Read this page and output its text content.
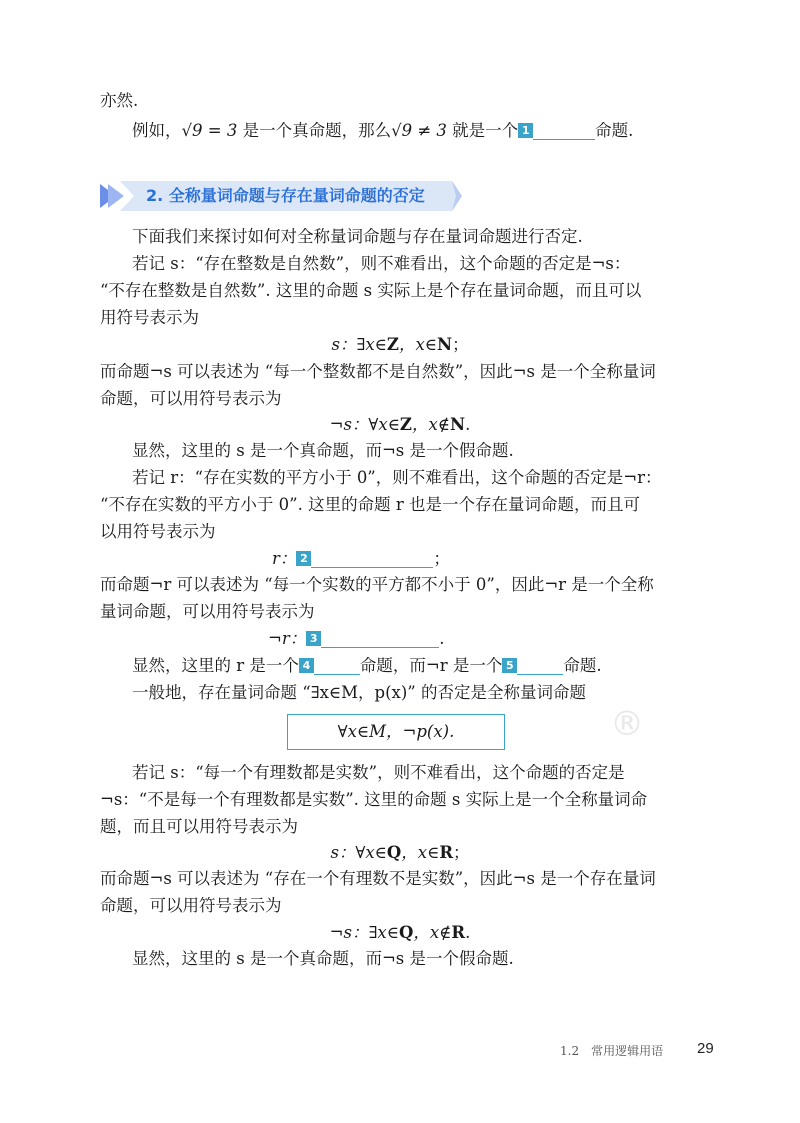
亦然.
例如，√9 = 3 是一个真命题，那么√9 ≠ 3 就是一个 1	命题.
2. 全称量词命题与存在量词命题的否定
下面我们来探讨如何对全称量词命题与存在量词命题进行否定.
若记 s：“存在整数是自然数”，则不难看出，这个命题的否定是¬s：
“不存在整数是自然数”. 这里的命题 s 实际上是个存在量词命题，而且可以
用符号表示为
s：∃x∈Z，x∈N；
而命题¬s 可以表述为 “每一个整数都不是自然数”，因此¬s 是一个全称量词
命题，可以用符号表示为
¬s：∀x∈Z，x∉N.
显然，这里的 s 是一个真命题，而¬s 是一个假命题.
若记 r：“存在实数的平方小于 0”，则不难看出，这个命题的否定是¬r：
“不存在实数的平方小于 0”. 这里的命题 r 也是一个存在量词命题，而且可
以用符号表示为
r： 2	；
而命题¬r 可以表述为 “每一个实数的平方都不小于 0”，因此¬r 是一个全称
量词命题，可以用符号表示为
¬r： 3	.
显然，这里的 r 是一个 4	命题，而¬r 是一个 5	命题.
一般地，存在量词命题 “∃x∈M，p(x)” 的否定是全称量词命题
∀x∈M，¬p(x).	®
若记 s：“每一个有理数都是实数”，则不难看出，这个命题的否定是
¬s：“不是每一个有理数都是实数”. 这里的命题 s 实际上是一个全称量词命
题，而且可以用符号表示为
s：∀x∈Q，x∈R；
而命题¬s 可以表述为 “存在一个有理数不是实数”，因此¬s 是一个存在量词
命题，可以用符号表示为
¬s：∃x∈Q，x∉R.
显然，这里的 s 是一个真命题，而¬s 是一个假命题.
1.2　常用逻辑用语 29
